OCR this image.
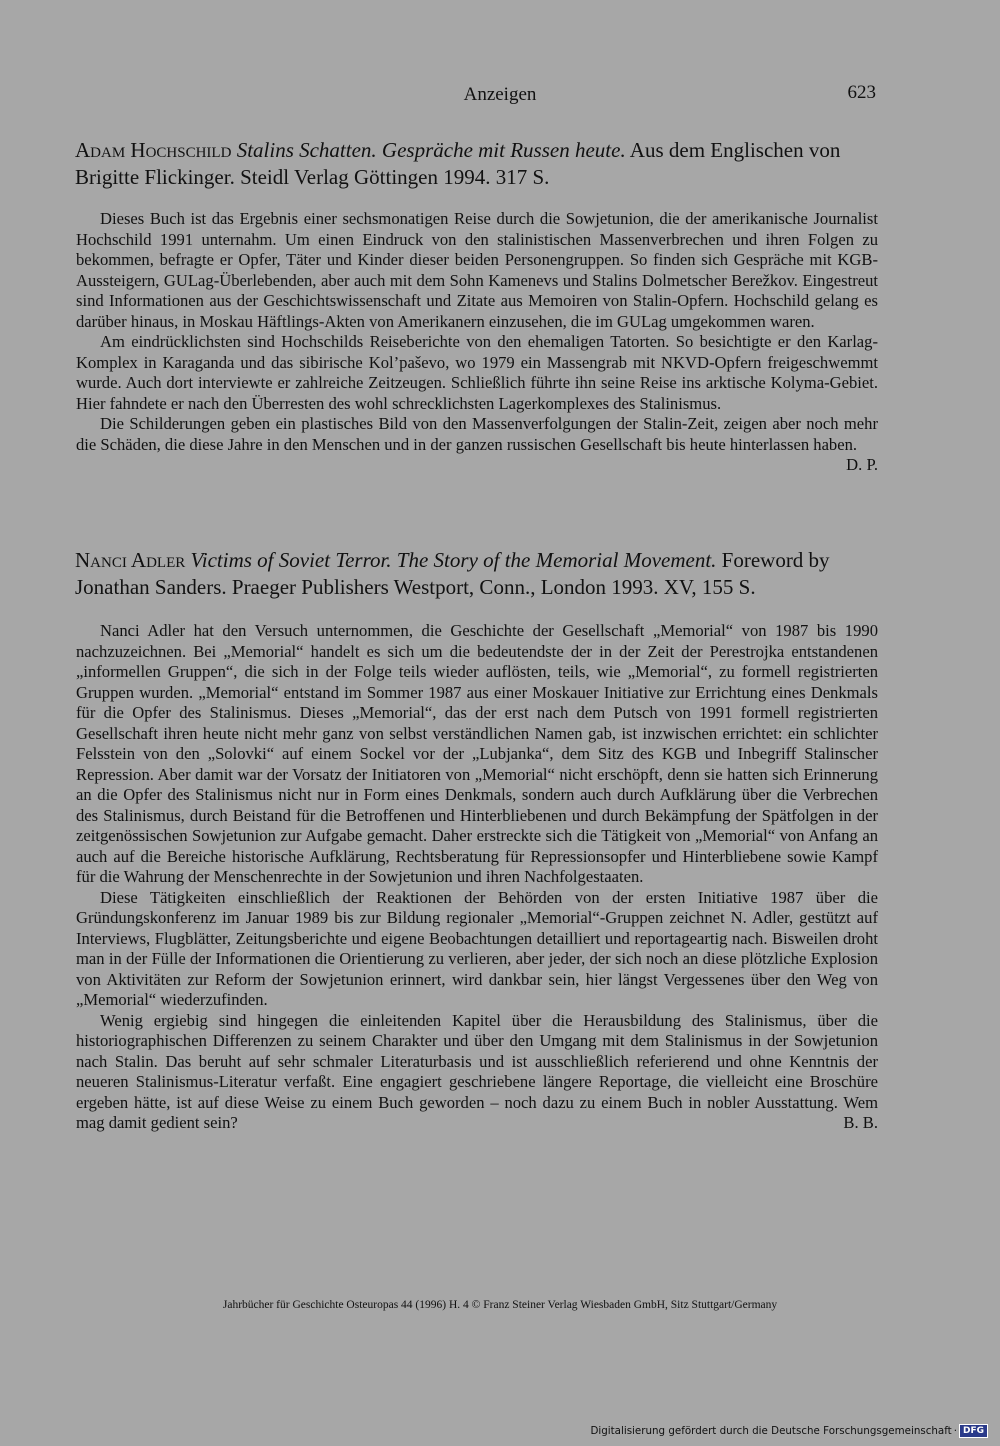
Anzeigen	623
Adam Hochschild Stalins Schatten. Gespräche mit Russen heute. Aus dem Englischen von Brigitte Flickinger. Steidl Verlag Göttingen 1994. 317 S.

Dieses Buch ist das Ergebnis einer sechsmonatigen Reise durch die Sowjetunion, die der amerikanische Journalist Hochschild 1991 unternahm. Um einen Eindruck von den stalinistischen Massenverbrechen und ihren Folgen zu bekommen, befragte er Opfer, Täter und Kinder dieser beiden Personengruppen. So finden sich Gespräche mit KGB-Aussteigern, GULag-Überlebenden, aber auch mit dem Sohn Kamenevs und Stalins Dolmetscher Berežkov. Eingestreut sind Informationen aus der Geschichtswissenschaft und Zitate aus Memoiren von Stalin-Opfern. Hochschild gelang es darüber hinaus, in Moskau Häftlings-Akten von Amerikanern einzusehen, die im GULag umgekommen waren.

Am eindrücklichsten sind Hochschilds Reiseberichte von den ehemaligen Tatorten. So besichtigte er den Karlag-Komplex in Karaganda und das sibirische Kol’paševo, wo 1979 ein Massengrab mit NKVD-Opfern freigeschwemmt wurde. Auch dort interviewte er zahlreiche Zeitzeugen. Schließlich führte ihn seine Reise ins arktische Kolyma-Gebiet. Hier fahndete er nach den Überresten des wohl schrecklichsten Lagerkomplexes des Stalinismus.

Die Schilderungen geben ein plastisches Bild von den Massenverfolgungen der Stalin-Zeit, zeigen aber noch mehr die Schäden, die diese Jahre in den Menschen und in der ganzen russischen Gesellschaft bis heute hinterlassen haben.
D. P.

Nanci Adler Victims of Soviet Terror. The Story of the Memorial Movement. Foreword by Jonathan Sanders. Praeger Publishers Westport, Conn., London 1993. XV, 155 S.

Nanci Adler hat den Versuch unternommen, die Geschichte der Gesellschaft „Memorial“ von 1987 bis 1990 nachzuzeichnen. Bei „Memorial“ handelt es sich um die bedeutendste der in der Zeit der Perestrojka entstandenen „informellen Gruppen“, die sich in der Folge teils wieder auflösten, teils, wie „Memorial“, zu formell registrierten Gruppen wurden. „Memorial“ entstand im Sommer 1987 aus einer Moskauer Initiative zur Errichtung eines Denkmals für die Opfer des Stalinismus. Dieses „Memorial“, das der erst nach dem Putsch von 1991 formell registrierten Gesellschaft ihren heute nicht mehr ganz von selbst verständlichen Namen gab, ist inzwischen errichtet: ein schlichter Felsstein von den „Solovki“ auf einem Sockel vor der „Lubjanka“, dem Sitz des KGB und Inbegriff Stalinscher Repression. Aber damit war der Vorsatz der Initiatoren von „Memorial“ nicht erschöpft, denn sie hatten sich Erinnerung an die Opfer des Stalinismus nicht nur in Form eines Denkmals, sondern auch durch Aufklärung über die Verbrechen des Stalinismus, durch Beistand für die Betroffenen und Hinterbliebenen und durch Bekämpfung der Spätfolgen in der zeitgenössischen Sowjetunion zur Aufgabe gemacht. Daher erstreckte sich die Tätigkeit von „Memorial“ von Anfang an auch auf die Bereiche historische Aufklärung, Rechtsberatung für Repressionsopfer und Hinterbliebene sowie Kampf für die Wahrung der Menschenrechte in der Sowjetunion und ihren Nachfolgestaaten.

Diese Tätigkeiten einschließlich der Reaktionen der Behörden von der ersten Initiative 1987 über die Gründungskonferenz im Januar 1989 bis zur Bildung regionaler „Memorial“-Gruppen zeichnet N. Adler, gestützt auf Interviews, Flugblätter, Zeitungsberichte und eigene Beobachtungen detailliert und reportageartig nach. Bisweilen droht man in der Fülle der Informationen die Orientierung zu verlieren, aber jeder, der sich noch an diese plötzliche Explosion von Aktivitäten zur Reform der Sowjetunion erinnert, wird dankbar sein, hier längst Vergessenes über den Weg von „Memorial“ wiederzufinden.

Wenig ergiebig sind hingegen die einleitenden Kapitel über die Herausbildung des Stalinismus, über die historiographischen Differenzen zu seinem Charakter und über den Umgang mit dem Stalinismus in der Sowjetunion nach Stalin. Das beruht auf sehr schmaler Literaturbasis und ist ausschließlich referierend und ohne Kenntnis der neueren Stalinismus-Literatur verfaßt. Eine engagiert geschriebene längere Reportage, die vielleicht eine Broschüre ergeben hätte, ist auf diese Weise zu einem Buch geworden – noch dazu zu einem Buch in nobler Ausstattung. Wem mag damit gedient sein?	B. B.

Jahrbücher für Geschichte Osteuropas 44 (1996) H. 4 © Franz Steiner Verlag Wiesbaden GmbH, Sitz Stuttgart/Germany
Digitalisierung gefördert durch die Deutsche Forschungsgemeinschaft · DFG
